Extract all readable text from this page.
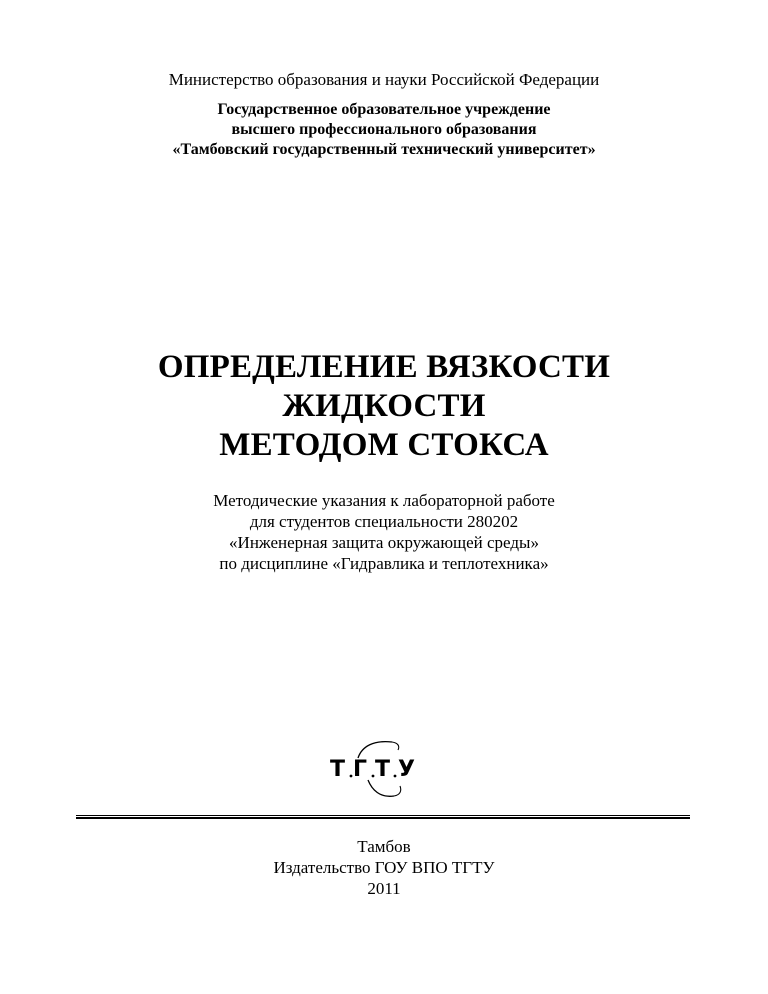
Министерство образования и науки Российской Федерации
Государственное образовательное учреждение
высшего профессионального образования
«Тамбовский государственный технический университет»
ОПРЕДЕЛЕНИЕ ВЯЗКОСТИ
ЖИДКОСТИ
МЕТОДОМ СТОКСА
Методические указания к лабораторной работе
для студентов специальности 280202
«Инженерная защита окружающей среды»
по дисциплине «Гидравлика и теплотехника»
Т Г Т У
Тамбов
Издательство ГОУ ВПО ТГТУ
2011
